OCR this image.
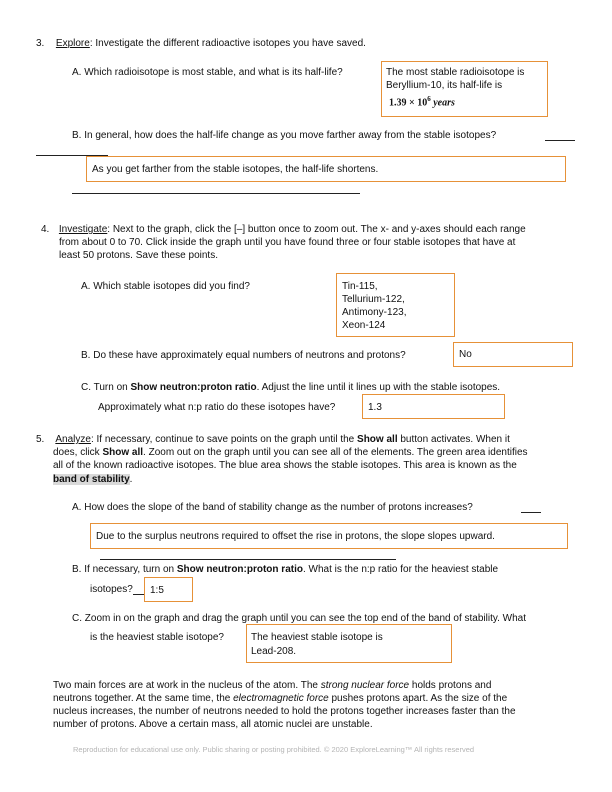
3. Explore: Investigate the different radioactive isotopes you have saved.
A. Which radioisotope is most stable, and what is its half-life?	The most stable radioisotope is
Beryllium-10, its half-life is
$1.39 \times 10^6$ years
B. In general, how does the half-life change as you move farther away from the stable isotopes?
As you get farther from the stable isotopes, the half-life shortens.
4. Investigate: Next to the graph, click the [–] button once to zoom out. The x- and y-axes should each range
from about 0 to 70. Click inside the graph until you have found three or four stable isotopes that have at
least 50 protons. Save these points.
A. Which stable isotopes did you find?	Tin-115,
Tellurium-122,
Antimony-123,
Xeon-124
B. Do these have approximately equal numbers of neutrons and protons?	No
C. Turn on Show neutron:proton ratio. Adjust the line until it lines up with the stable isotopes.
Approximately what n:p ratio do these isotopes have?	1.3
5. Analyze: If necessary, continue to save points on the graph until the Show all button activates. When it
does, click Show all. Zoom out on the graph until you can see all of the elements. The green area identifies
all of the known radioactive isotopes. The blue area shows the stable isotopes. This area is known as the
band of stability.
A. How does the slope of the band of stability change as the number of protons increases?
Due to the surplus neutrons required to offset the rise in protons, the slope slopes upward.
B. If necessary, turn on Show neutron:proton ratio. What is the n:p ratio for the heaviest stable
isotopes? 1:5
C. Zoom in on the graph and drag the graph until you can see the top end of the band of stability. What
is the heaviest stable isotope?	The heaviest stable isotope is
Lead-208.
Two main forces are at work in the nucleus of the atom. The strong nuclear force holds protons and
neutrons together. At the same time, the electromagnetic force pushes protons apart. As the size of the
nucleus increases, the number of neutrons needed to hold the protons together increases faster than the
number of protons. Above a certain mass, all atomic nuclei are unstable.
Reproduction for educational use only. Public sharing or posting prohibited. © 2020 ExploreLearning™ All rights reserved
